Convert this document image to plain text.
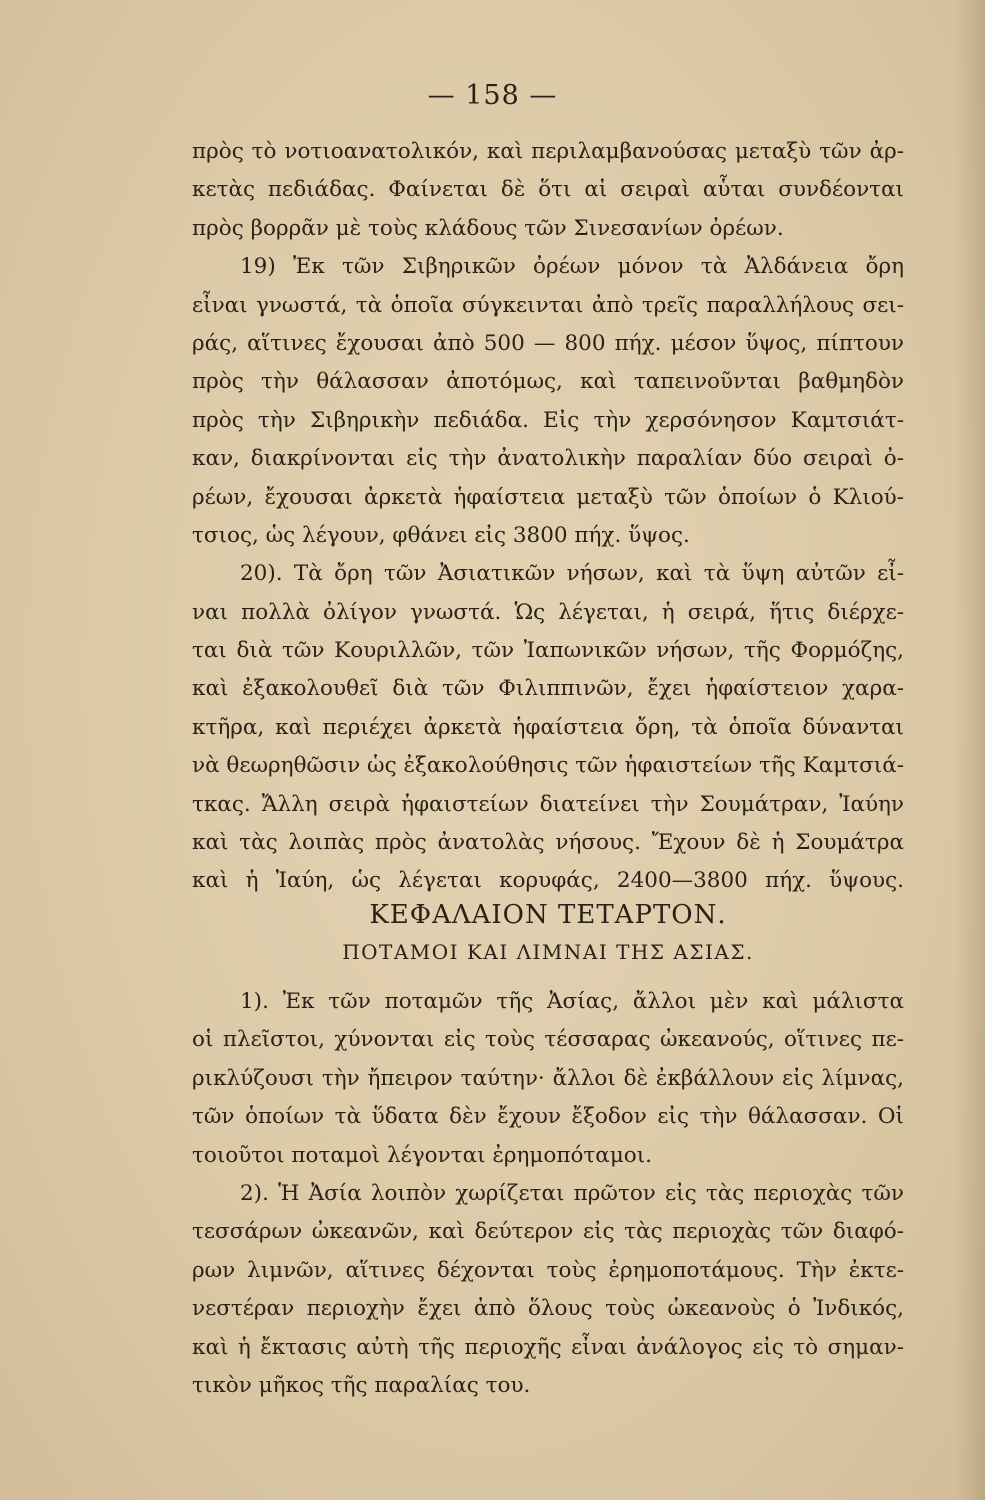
— 158 —
πρὸς τὸ νοτιοανατολικόν, καὶ περιλαμβανούσας μεταξὺ τῶν ἀρ-
κετὰς πεδιάδας. Φαίνεται δὲ ὅτι αἱ σειραὶ αὗται συνδέονται
πρὸς βορρᾶν μὲ τοὺς κλάδους τῶν Σινεσανίων ὀρέων.
19) Ἐκ τῶν Σιβηρικῶν ὀρέων μόνον τὰ Ἀλδάνεια ὄρη
εἶναι γνωστά, τὰ ὁποῖα σύγκεινται ἀπὸ τρεῖς παραλλήλους σει-
ράς, αἵτινες ἔχουσαι ἀπὸ 500 — 800 πήχ. μέσον ὕψος, πίπτουν
πρὸς τὴν θάλασσαν ἀποτόμως, καὶ ταπεινοῦνται βαθμηδὸν
πρὸς τὴν Σιβηρικὴν πεδιάδα. Εἰς τὴν χερσόνησον Καμτσιάτ-
καν, διακρίνονται εἰς τὴν ἀνατολικὴν παραλίαν δύο σειραὶ ὀ-
ρέων, ἔχουσαι ἀρκετὰ ἡφαίστεια μεταξὺ τῶν ὁποίων ὁ Κλιού-
τσιος, ὡς λέγουν, φθάνει εἰς 3800 πήχ. ὕψος.
20). Τὰ ὄρη τῶν Ἀσιατικῶν νήσων, καὶ τὰ ὕψη αὐτῶν εἶ-
ναι πολλὰ ὀλίγον γνωστά. Ὡς λέγεται, ἡ σειρά, ἥτις διέρχε-
ται διὰ τῶν Κουριλλῶν, τῶν Ἰαπωνικῶν νήσων, τῆς Φορμόζης,
καὶ ἐξακολουθεῖ διὰ τῶν Φιλιππινῶν, ἔχει ἡφαίστειον χαρα-
κτῆρα, καὶ περιέχει ἀρκετὰ ἡφαίστεια ὄρη, τὰ ὁποῖα δύνανται
νὰ θεωρηθῶσιν ὡς ἐξακολούθησις τῶν ἡφαιστείων τῆς Καμτσιά-
τκας. Ἄλλη σειρὰ ἡφαιστείων διατείνει τὴν Σουμάτραν, Ἰαύην
καὶ τὰς λοιπὰς πρὸς ἀνατολὰς νήσους. Ἔχουν δὲ ἡ Σουμάτρα
καὶ ἡ Ἰαύη, ὡς λέγεται κορυφάς, 2400—3800 πήχ. ὕψους.
ΚΕΦΑΛΑΙΟΝ ΤΕΤΑΡΤΟΝ.
ΠΟΤΑΜΟΙ ΚΑΙ ΛΙΜΝΑΙ ΤΗΣ ΑΣΙΑΣ.
1). Ἐκ τῶν ποταμῶν τῆς Ἀσίας, ἄλλοι μὲν καὶ μάλιστα
οἱ πλεῖστοι, χύνονται εἰς τοὺς τέσσαρας ὠκεανούς, οἵτινες πε-
ρικλύζουσι τὴν ἤπειρον ταύτην· ἄλλοι δὲ ἐκβάλλουν εἰς λίμνας,
τῶν ὁποίων τὰ ὕδατα δὲν ἔχουν ἔξοδον εἰς τὴν θάλασσαν. Οἱ
τοιοῦτοι ποταμοὶ λέγονται ἐρημοπόταμοι.
2). Ἡ Ἀσία λοιπὸν χωρίζεται πρῶτον εἰς τὰς περιοχὰς τῶν
τεσσάρων ὠκεανῶν, καὶ δεύτερον εἰς τὰς περιοχὰς τῶν διαφό-
ρων λιμνῶν, αἵτινες δέχονται τοὺς ἐρημοποτάμους. Τὴν ἐκτε-
νεστέραν περιοχὴν ἔχει ἀπὸ ὅλους τοὺς ὠκεανοὺς ὁ Ἰνδικός,
καὶ ἡ ἔκτασις αὐτὴ τῆς περιοχῆς εἶναι ἀνάλογος εἰς τὸ σημαν-
τικὸν μῆκος τῆς παραλίας του.
